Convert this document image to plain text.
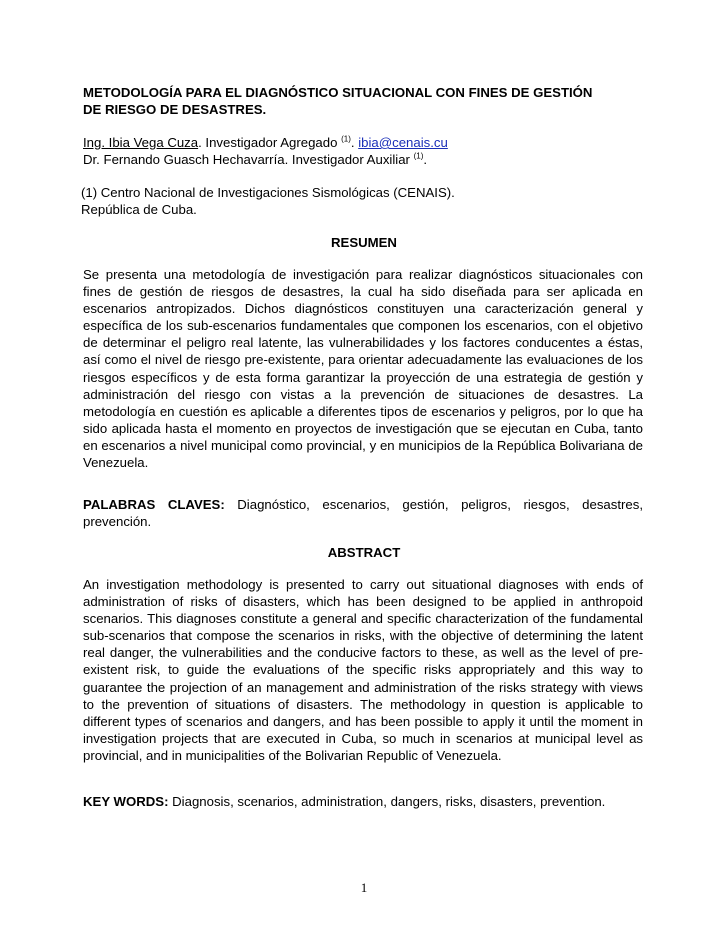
METODOLOGÍA PARA EL DIAGNÓSTICO SITUACIONAL CON FINES DE GESTIÓN
DE RIESGO DE DESASTRES.
Ing. Ibia Vega Cuza. Investigador Agregado $^{(1)}$. ibia@cenais.cu
Dr. Fernando Guasch Hechavarría. Investigador Auxiliar $^{(1)}$.
(1) Centro Nacional de Investigaciones Sismológicas (CENAIS).
República de Cuba.
RESUMEN
Se presenta una metodología de investigación para realizar diagnósticos situacionales con fines de gestión de riesgos de desastres, la cual ha sido diseñada para ser aplicada en escenarios antropizados. Dichos diagnósticos constituyen una caracterización general y específica de los sub-escenarios fundamentales que componen los escenarios, con el objetivo de determinar el peligro real latente, las vulnerabilidades y los factores conducentes a éstas, así como el nivel de riesgo pre-existente, para orientar adecuadamente las evaluaciones de los riesgos específicos y de esta forma garantizar la proyección de una estrategia de gestión y administración del riesgo con vistas a la prevención de situaciones de desastres. La metodología en cuestión es aplicable a diferentes tipos de escenarios y peligros, por lo que ha sido aplicada hasta el momento en proyectos de investigación que se ejecutan en Cuba, tanto en escenarios a nivel municipal como provincial, y en municipios de la República Bolivariana de Venezuela.
PALABRAS CLAVES: Diagnóstico, escenarios, gestión, peligros, riesgos, desastres, prevención.
ABSTRACT
An investigation methodology is presented to carry out situational diagnoses with ends of administration of risks of disasters, which has been designed to be applied in anthropoid scenarios. This diagnoses constitute a general and specific characterization of the fundamental sub-scenarios that compose the scenarios in risks, with the objective of determining the latent real danger, the vulnerabilities and the conducive factors to these, as well as the level of pre-existent risk, to guide the evaluations of the specific risks appropriately and this way to guarantee the projection of an management and administration of the risks strategy with views to the prevention of situations of disasters. The methodology in question is applicable to different types of scenarios and dangers, and has been possible to apply it until the moment in investigation projects that are executed in Cuba, so much in scenarios at municipal level as provincial, and in municipalities of the Bolivarian Republic of Venezuela.
KEY WORDS: Diagnosis, scenarios, administration, dangers, risks, disasters, prevention.
1
